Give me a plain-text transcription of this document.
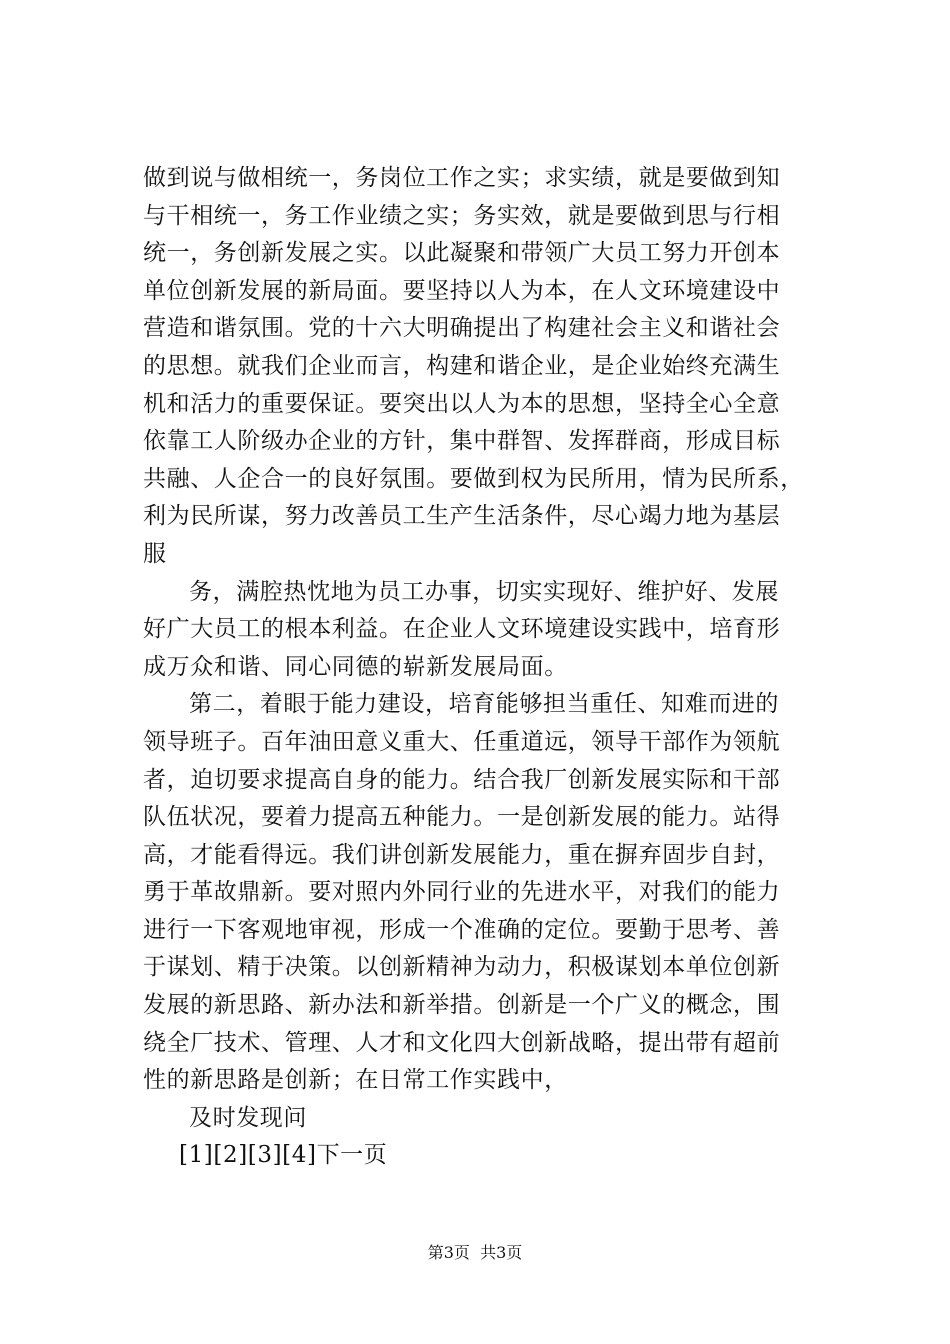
做到说与做相统一，务岗位工作之实；求实绩，就是要做到知
与干相统一，务工作业绩之实；务实效，就是要做到思与行相
统一，务创新发展之实。以此凝聚和带领广大员工努力开创本
单位创新发展的新局面。要坚持以人为本，在人文环境建设中
营造和谐氛围。党的十六大明确提出了构建社会主义和谐社会
的思想。就我们企业而言，构建和谐企业，是企业始终充满生
机和活力的重要保证。要突出以人为本的思想，坚持全心全意
依靠工人阶级办企业的方针，集中群智、发挥群商，形成目标
共融、人企合一的良好氛围。要做到权为民所用，情为民所系，
利为民所谋，努力改善员工生产生活条件，尽心竭力地为基层
服
务，满腔热忱地为员工办事，切实实现好、维护好、发展
好广大员工的根本利益。在企业人文环境建设实践中，培育形
成万众和谐、同心同德的崭新发展局面。
第二，着眼于能力建设，培育能够担当重任、知难而进的
领导班子。百年油田意义重大、任重道远，领导干部作为领航
者，迫切要求提高自身的能力。结合我厂创新发展实际和干部
队伍状况，要着力提高五种能力。一是创新发展的能力。站得
高，才能看得远。我们讲创新发展能力，重在摒弃固步自封，
勇于革故鼎新。要对照内外同行业的先进水平，对我们的能力
进行一下客观地审视，形成一个准确的定位。要勤于思考、善
于谋划、精于决策。以创新精神为动力，积极谋划本单位创新
发展的新思路、新办法和新举措。创新是一个广义的概念，围
绕全厂技术、管理、人才和文化四大创新战略，提出带有超前
性的新思路是创新；在日常工作实践中，
及时发现问
[1][2][3][4]下一页
第3页  共3页
